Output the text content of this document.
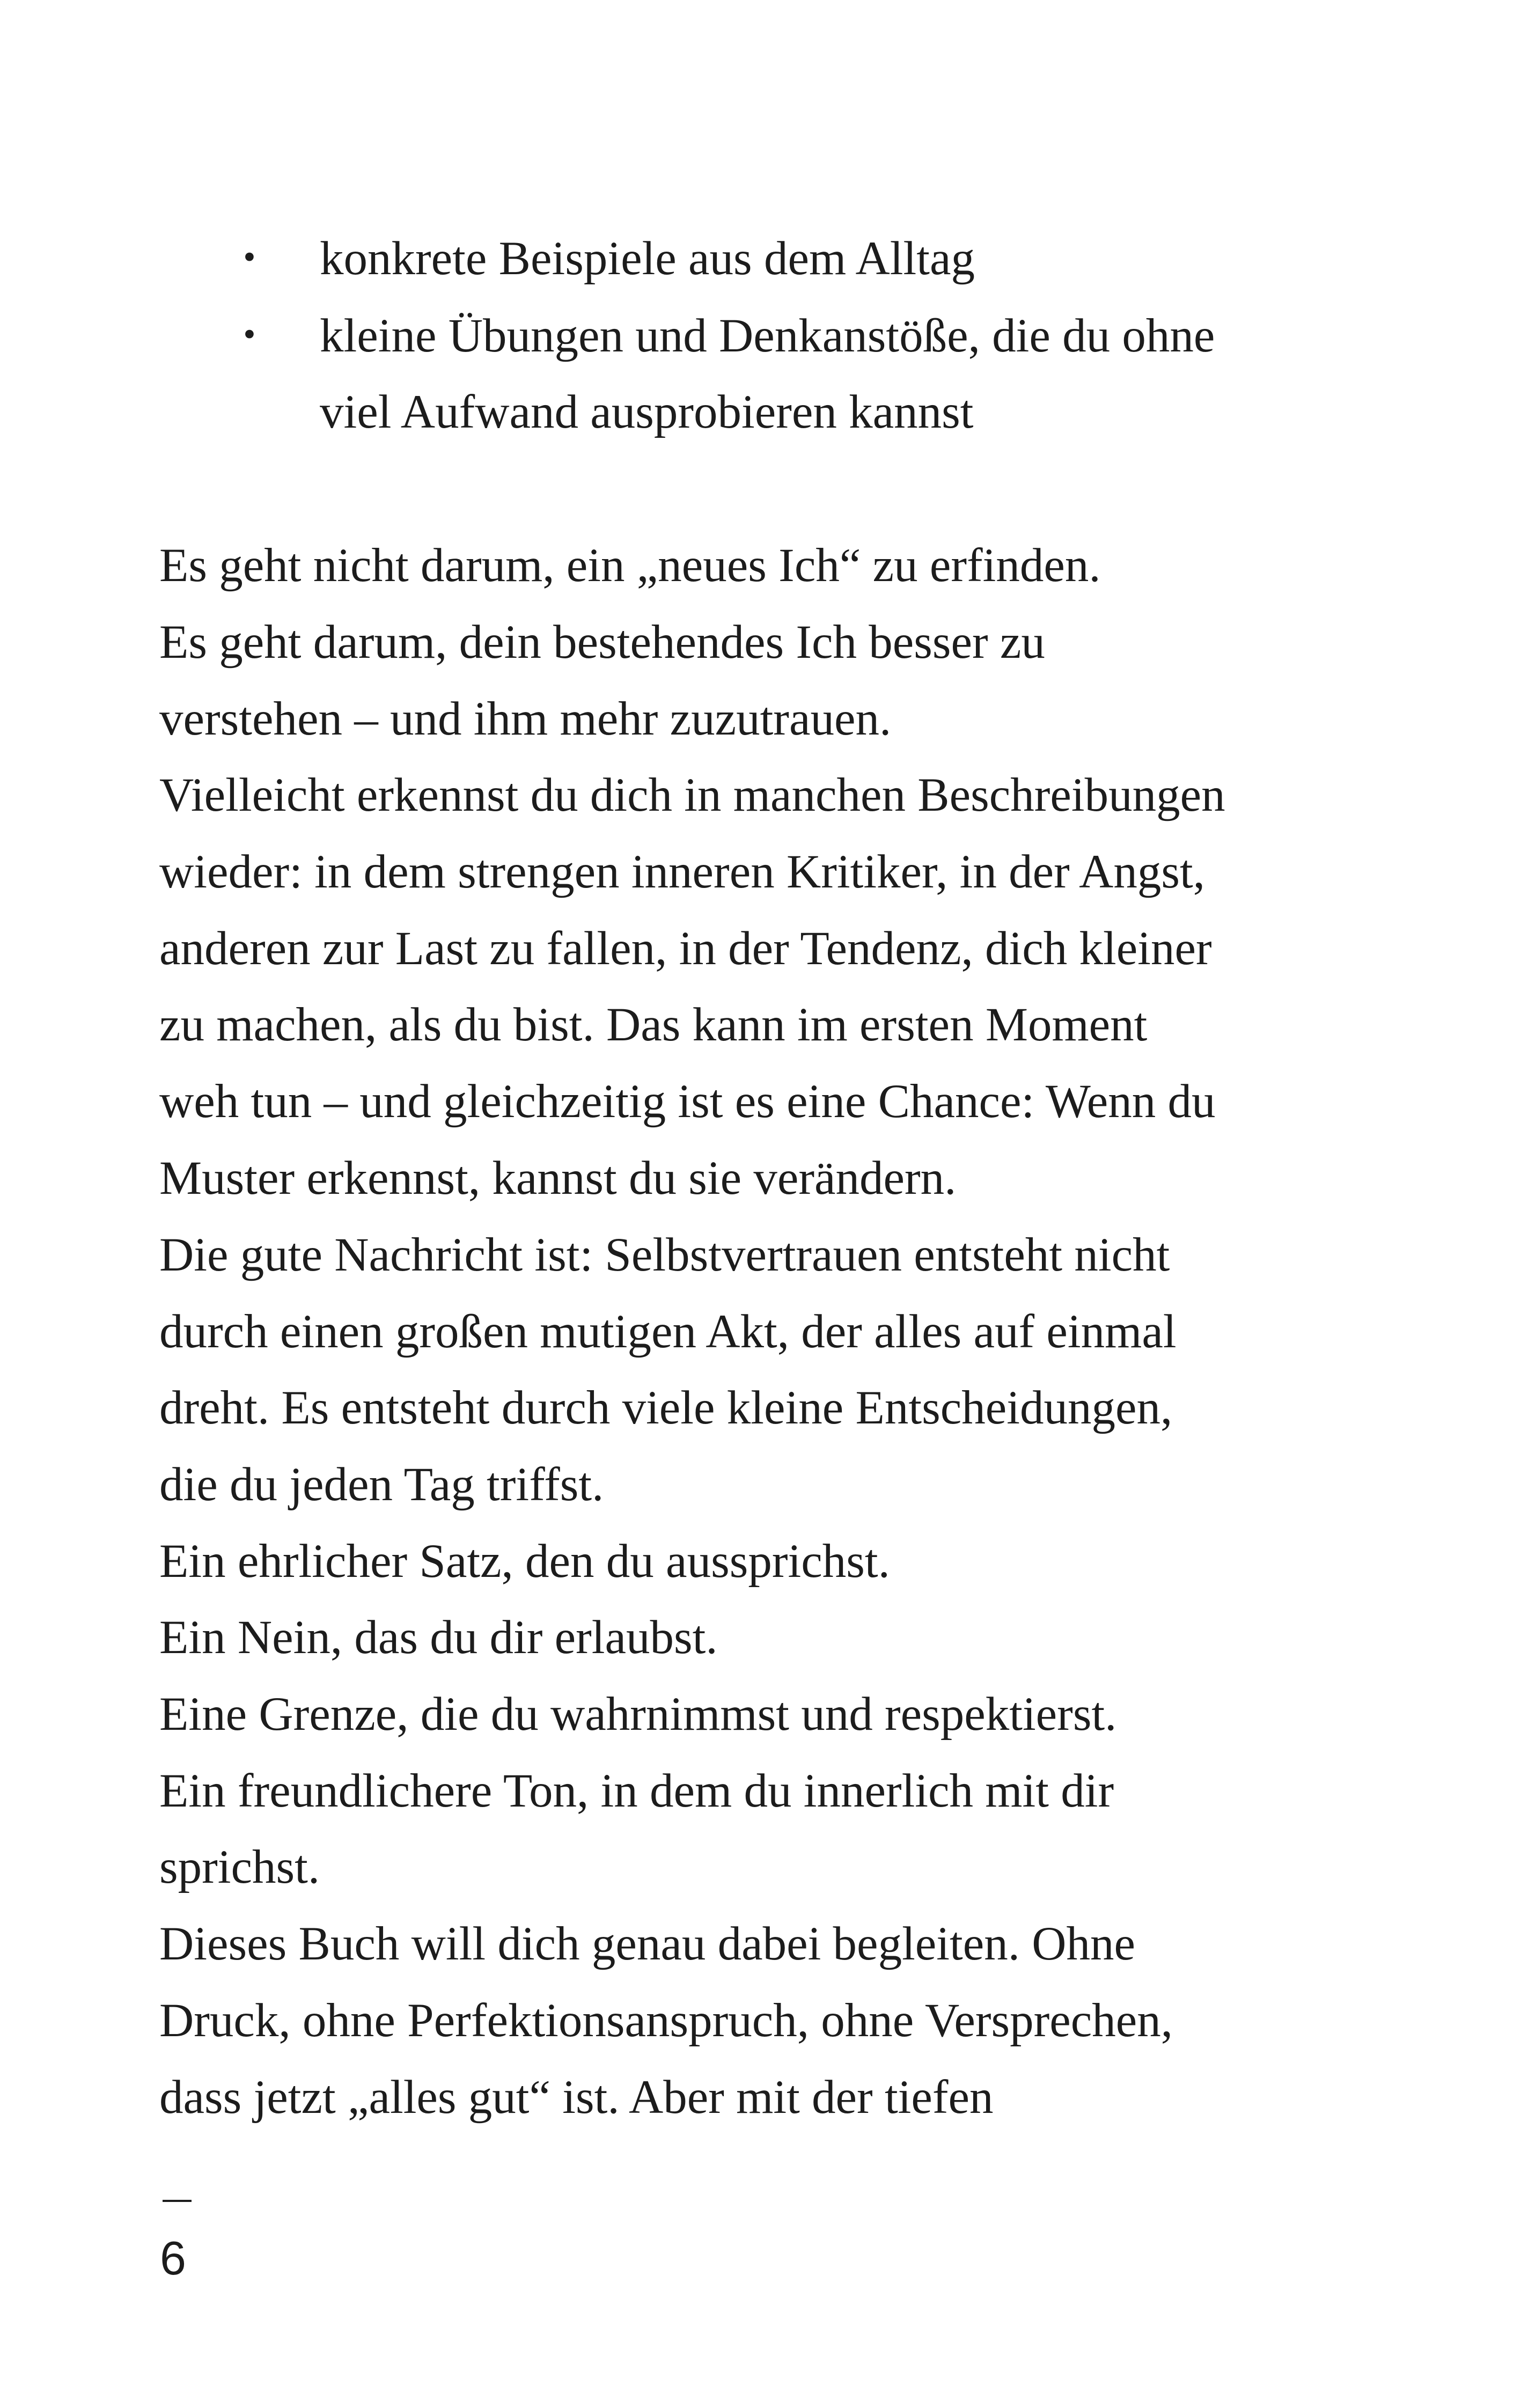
• konkrete Beispiele aus dem Alltag
• kleine Übungen und Denkanstöße, die du ohne
viel Aufwand ausprobieren kannst
Es geht nicht darum, ein „neues Ich“ zu erfinden.
Es geht darum, dein bestehendes Ich besser zu
verstehen – und ihm mehr zuzutrauen.
Vielleicht erkennst du dich in manchen Beschreibungen
wieder: in dem strengen inneren Kritiker, in der Angst,
anderen zur Last zu fallen, in der Tendenz, dich kleiner
zu machen, als du bist. Das kann im ersten Moment
weh tun – und gleichzeitig ist es eine Chance: Wenn du
Muster erkennst, kannst du sie verändern.
Die gute Nachricht ist: Selbstvertrauen entsteht nicht
durch einen großen mutigen Akt, der alles auf einmal
dreht. Es entsteht durch viele kleine Entscheidungen,
die du jeden Tag triffst.
Ein ehrlicher Satz, den du aussprichst.
Ein Nein, das du dir erlaubst.
Eine Grenze, die du wahrnimmst und respektierst.
Ein freundlichere Ton, in dem du innerlich mit dir
sprichst.
Dieses Buch will dich genau dabei begleiten. Ohne
Druck, ohne Perfektionsanspruch, ohne Versprechen,
dass jetzt „alles gut“ ist. Aber mit der tiefen
6
